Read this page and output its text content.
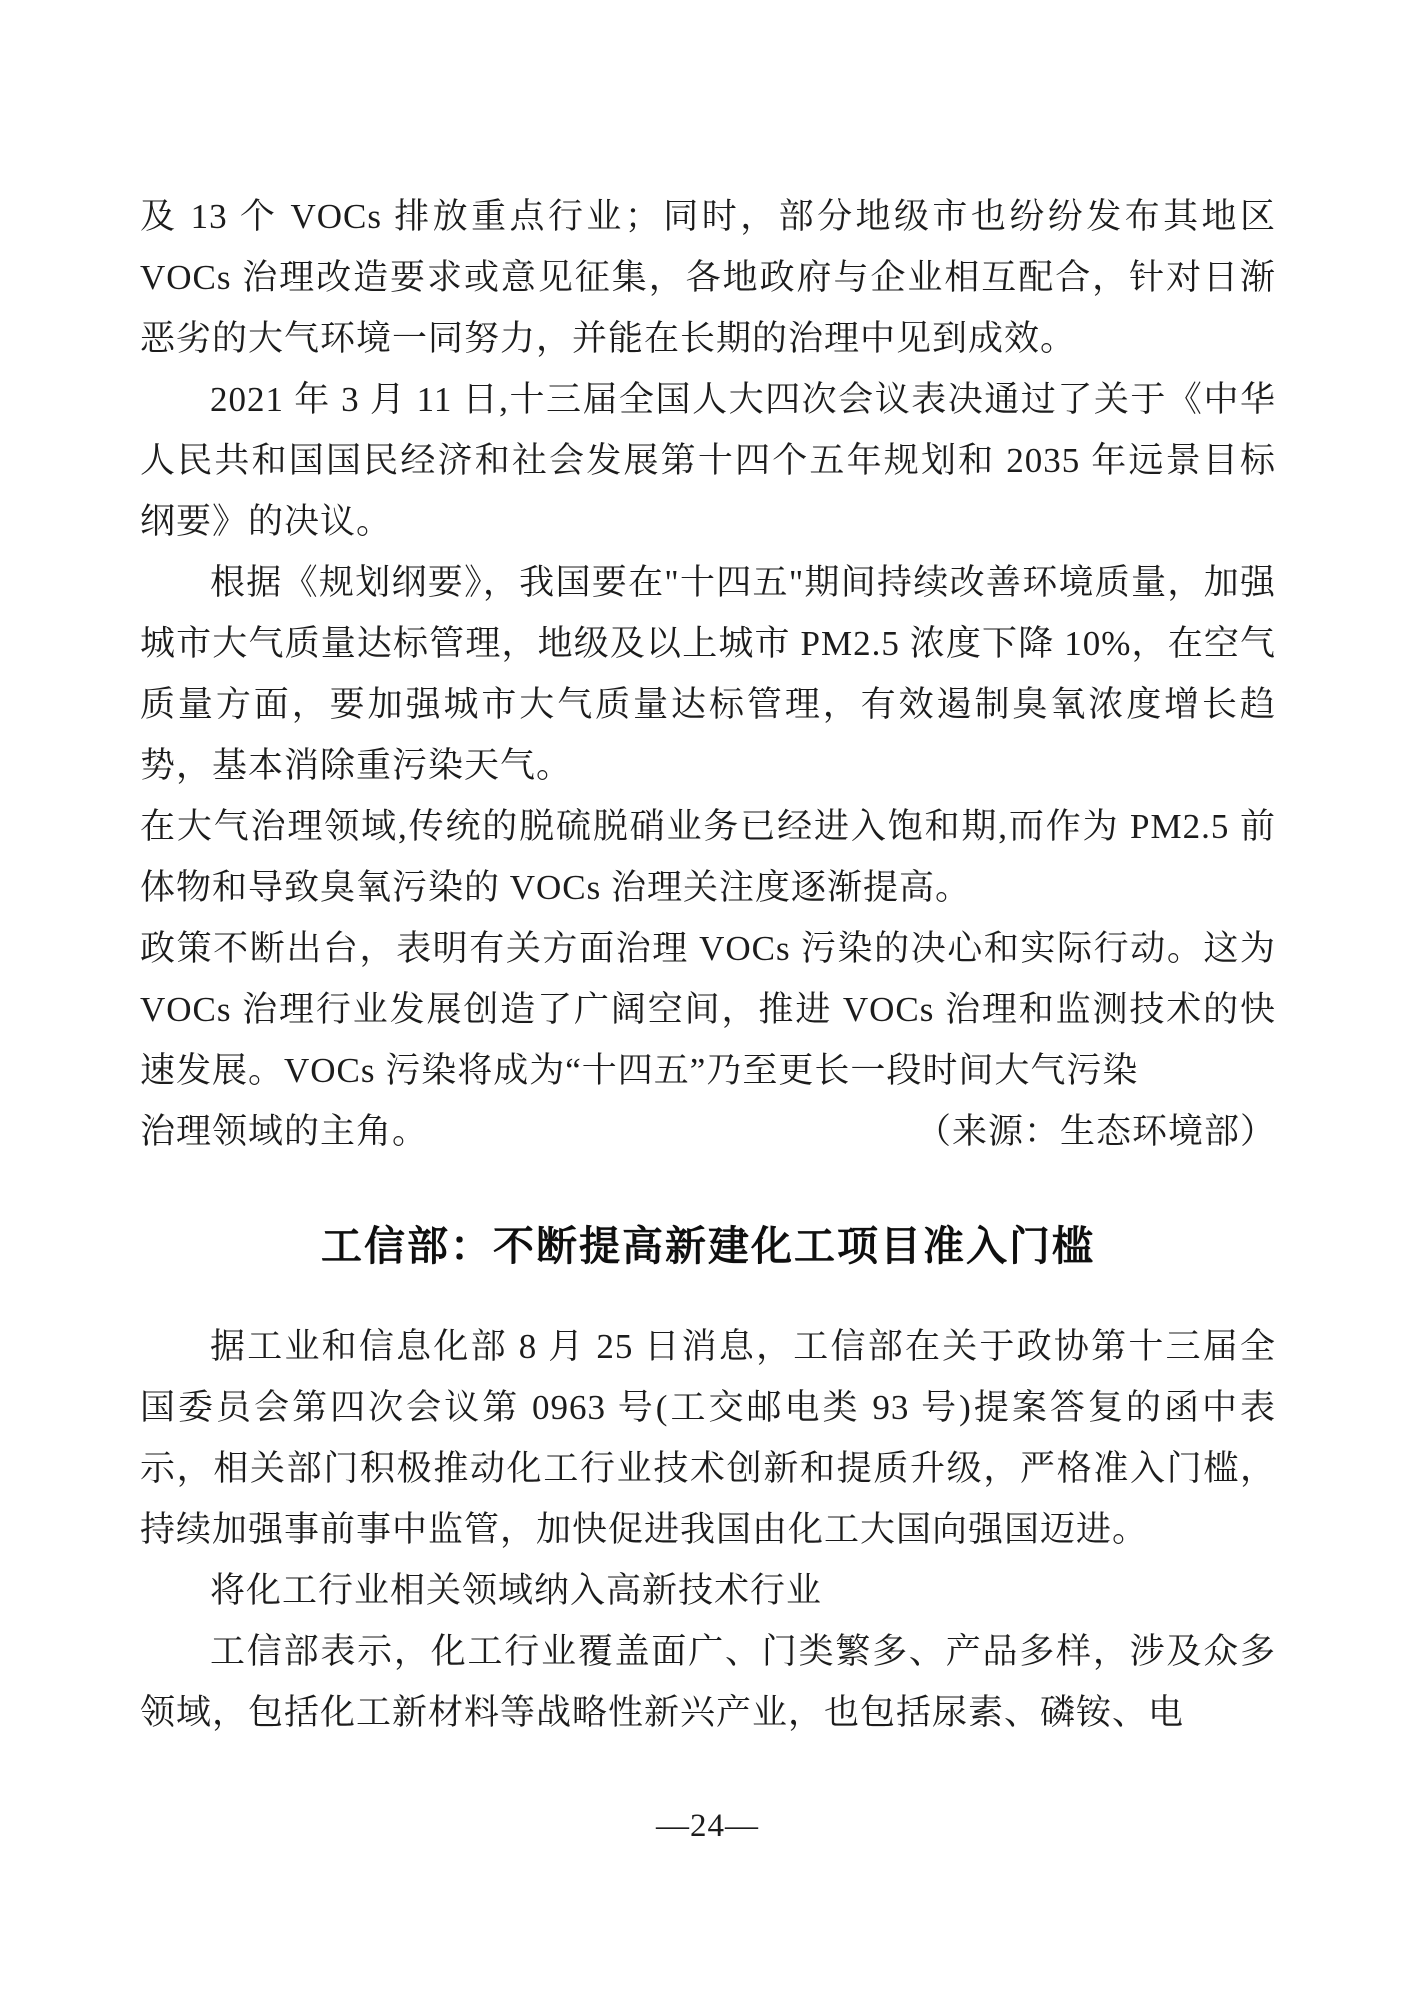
及 13 个 VOCs 排放重点行业；同时，部分地级市也纷纷发布其地区 VOCs 治理改造要求或意见征集，各地政府与企业相互配合，针对日渐恶劣的大气环境一同努力，并能在长期的治理中见到成效。

2021 年 3 月 11 日,十三届全国人大四次会议表决通过了关于《中华人民共和国国民经济和社会发展第十四个五年规划和 2035 年远景目标纲要》的决议。

根据《规划纲要》，我国要在"十四五"期间持续改善环境质量，加强城市大气质量达标管理，地级及以上城市 PM2.5 浓度下降 10%，在空气质量方面，要加强城市大气质量达标管理，有效遏制臭氧浓度增长趋势，基本消除重污染天气。

在大气治理领域,传统的脱硫脱硝业务已经进入饱和期,而作为 PM2.5 前体物和导致臭氧污染的 VOCs 治理关注度逐渐提高。

政策不断出台，表明有关方面治理 VOCs 污染的决心和实际行动。这为 VOCs 治理行业发展创造了广阔空间，推进 VOCs 治理和监测技术的快速发展。VOCs 污染将成为“十四五”乃至更长一段时间大气污染

治理领域的主角。	（来源：生态环境部）
工信部：不断提高新建化工项目准入门槛

据工业和信息化部 8 月 25 日消息，工信部在关于政协第十三届全国委员会第四次会议第 0963 号(工交邮电类 93 号)提案答复的函中表示，相关部门积极推动化工行业技术创新和提质升级，严格准入门槛，持续加强事前事中监管，加快促进我国由化工大国向强国迈进。

将化工行业相关领域纳入高新技术行业

工信部表示，化工行业覆盖面广、门类繁多、产品多样，涉及众多领域，包括化工新材料等战略性新兴产业，也包括尿素、磷铵、电

—24—
